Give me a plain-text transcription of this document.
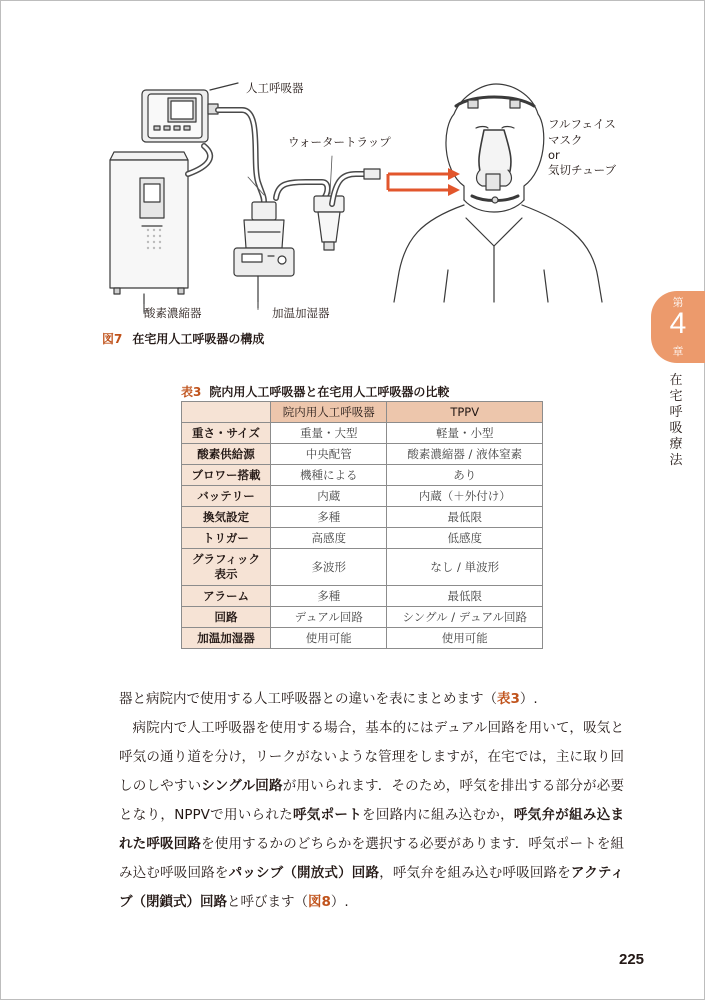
人工呼吸器
ウォータートラップ
フルフェイス
マスク
or
気切チューブ
酸素濃縮器	加温加湿器
図7 在宅用人工呼吸器の構成
第
4
章
在
宅
呼
吸
療
法
表3 院内用人工呼吸器と在宅用人工呼吸器の比較
	院内用人工呼吸器	TPPV
重さ・サイズ	重量・大型	軽量・小型
酸素供給源	中央配管	酸素濃縮器 / 液体窒素
ブロワー搭載	機種による	あり
バッテリー	内蔵	内蔵（＋外付け）
換気設定	多種	最低限
トリガー	高感度	低感度
グラフィック
表示	多波形	なし / 単波形
アラーム	多種	最低限
回路	デュアル回路	シングル / デュアル回路
加温加湿器	使用可能	使用可能

器と病院内で使用する人工呼吸器との違いを表にまとめます（表3）.

病院内で人工呼吸器を使用する場合，基本的にはデュアル回路を用いて，吸気と呼気の通り道を分け，リークがないような管理をしますが，在宅では，主に取り回しのしやすいシングル回路が用いられます．そのため，呼気を排出する部分が必要となり，NPPVで用いられた呼気ポートを回路内に組み込むか，呼気弁が組み込まれた呼吸回路を使用するかのどちらかを選択する必要があります．呼気ポートを組み込む呼吸回路をパッシブ（開放式）回路，呼気弁を組み込む呼吸回路をアクティブ（閉鎖式）回路と呼びます（図8）.

225
